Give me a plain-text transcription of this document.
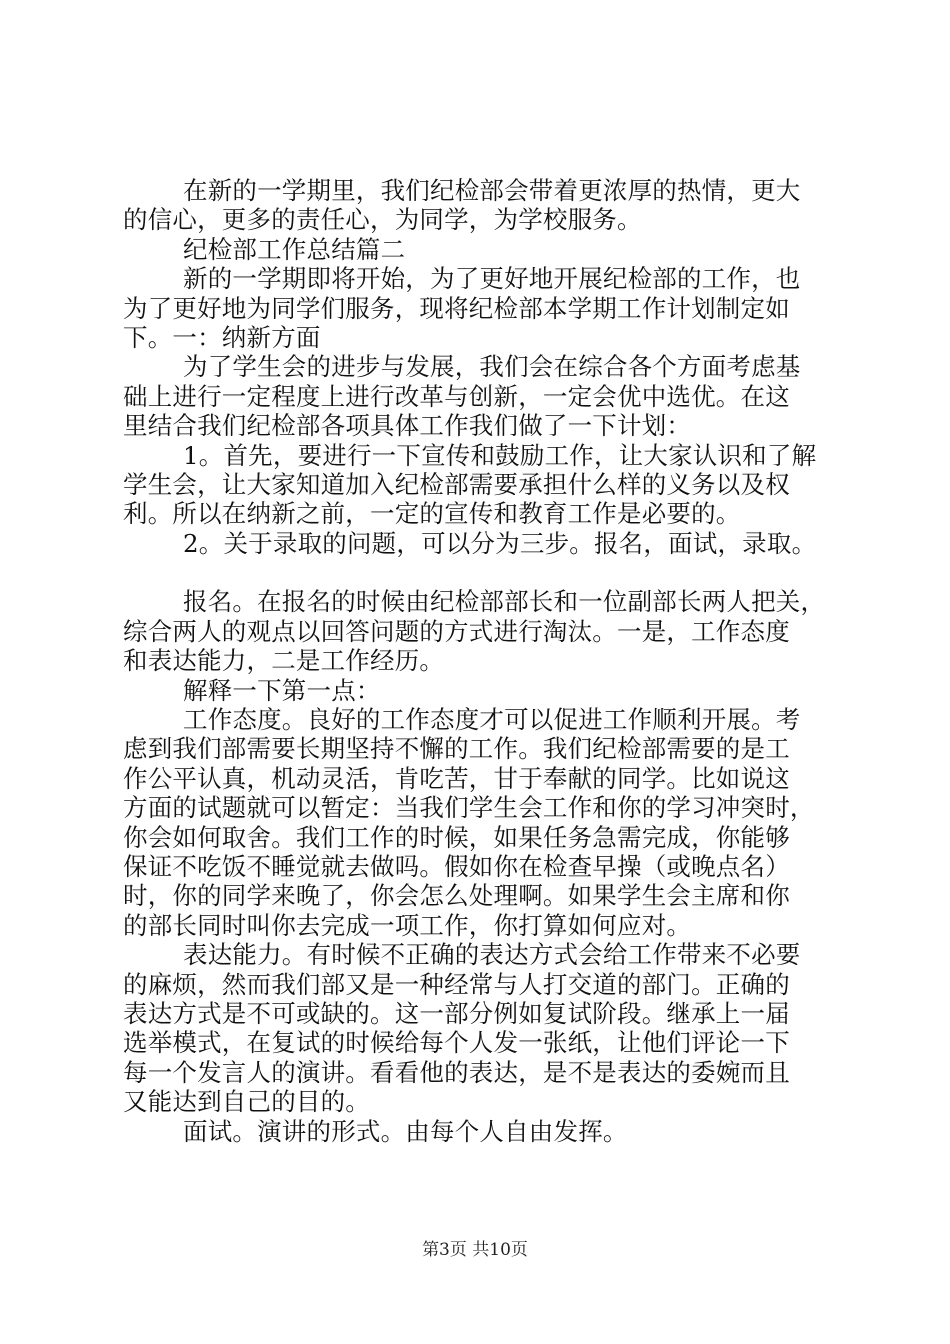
在新的一学期里，我们纪检部会带着更浓厚的热情，更大
的信心，更多的责任心，为同学，为学校服务。
纪检部工作总结篇二
新的一学期即将开始，为了更好地开展纪检部的工作，也
为了更好地为同学们服务，现将纪检部本学期工作计划制定如
下。一：纳新方面
为了学生会的进步与发展，我们会在综合各个方面考虑基
础上进行一定程度上进行改革与创新，一定会优中选优。在这
里结合我们纪检部各项具体工作我们做了一下计划：
1。首先，要进行一下宣传和鼓励工作，让大家认识和了解
学生会，让大家知道加入纪检部需要承担什么样的义务以及权
利。所以在纳新之前，一定的宣传和教育工作是必要的。
2。关于录取的问题，可以分为三步。报名，面试，录取。
报名。在报名的时候由纪检部部长和一位副部长两人把关，
综合两人的观点以回答问题的方式进行淘汰。一是，工作态度
和表达能力，二是工作经历。
解释一下第一点：
工作态度。良好的工作态度才可以促进工作顺利开展。考
虑到我们部需要长期坚持不懈的工作。我们纪检部需要的是工
作公平认真，机动灵活，肯吃苦，甘于奉献的同学。比如说这
方面的试题就可以暂定：当我们学生会工作和你的学习冲突时，
你会如何取舍。我们工作的时候，如果任务急需完成，你能够
保证不吃饭不睡觉就去做吗。假如你在检查早操（或晚点名）
时，你的同学来晚了，你会怎么处理啊。如果学生会主席和你
的部长同时叫你去完成一项工作，你打算如何应对。
表达能力。有时候不正确的表达方式会给工作带来不必要
的麻烦，然而我们部又是一种经常与人打交道的部门。正确的
表达方式是不可或缺的。这一部分例如复试阶段。继承上一届
选举模式，在复试的时候给每个人发一张纸，让他们评论一下
每一个发言人的演讲。看看他的表达，是不是表达的委婉而且
又能达到自己的目的。
面试。演讲的形式。由每个人自由发挥。
第3页 共10页
